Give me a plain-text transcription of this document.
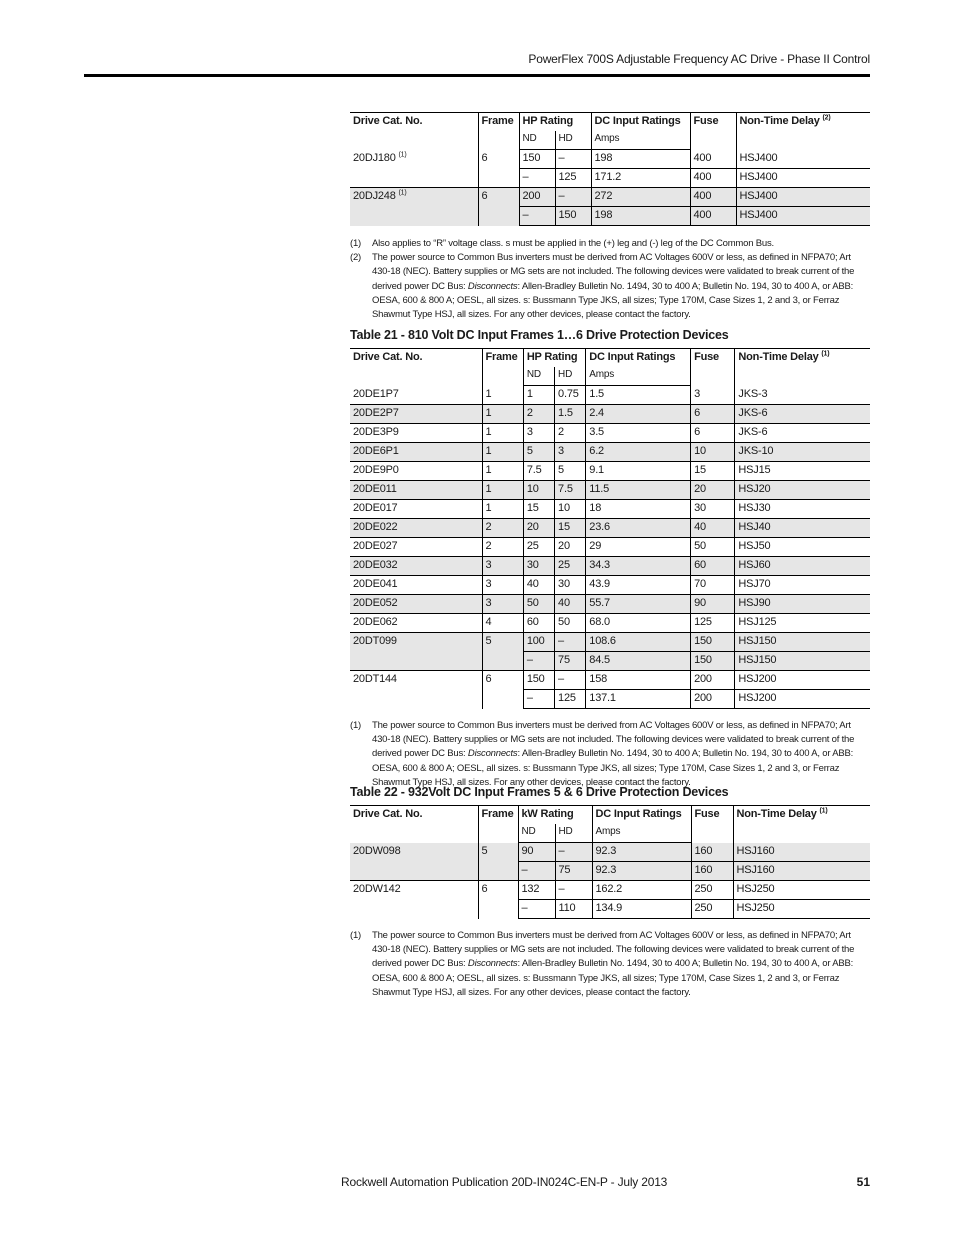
PowerFlex 700S Adjustable Frequency AC Drive - Phase II Control
Drive Cat. No.	Frame	HP Rating		DC Input Ratings	Fuse	Non-Time Delay $^{(2)}$
		ND	HD	Amps		
20DJ180 $^{(1)}$	6	150	–	198	400	HSJ400
		–	125	171.2	400	HSJ400
20DJ248 $^{(1)}$	6	200	–	272	400	HSJ400
		–	150	198	400	HSJ400
(1)	Also applies to “R” voltage class. s must be applied in the (+) leg and (-) leg of the DC Common Bus.
(2)	The power source to Common Bus inverters must be derived from AC Voltages 600V or less, as defined in NFPA70; Art 430-18 (NEC). Battery supplies or MG sets are not included. The following devices were validated to break current of the derived power DC Bus: Disconnects: Allen-Bradley Bulletin No. 1494, 30 to 400 A; Bulletin No. 194, 30 to 400 A, or ABB: OESA, 600 & 800 A; OESL, all sizes. s: Bussmann Type JKS, all sizes; Type 170M, Case Sizes 1, 2 and 3, or Ferraz Shawmut Type HSJ, all sizes. For any other devices, please contact the factory.

Table 21 - 810 Volt DC Input Frames 1…6 Drive Protection Devices

Drive Cat. No.	Frame	HP Rating		DC Input Ratings	Fuse	Non-Time Delay $^{(1)}$
		ND	HD	Amps		
20DE1P7	1	1	0.75	1.5	3	JKS-3
20DE2P7	1	2	1.5	2.4	6	JKS-6
20DE3P9	1	3	2	3.5	6	JKS-6
20DE6P1	1	5	3	6.2	10	JKS-10
20DE9P0	1	7.5	5	9.1	15	HSJ15
20DE011	1	10	7.5	11.5	20	HSJ20
20DE017	1	15	10	18	30	HSJ30
20DE022	2	20	15	23.6	40	HSJ40
20DE027	2	25	20	29	50	HSJ50
20DE032	3	30	25	34.3	60	HSJ60
20DE041	3	40	30	43.9	70	HSJ70
20DE052	3	50	40	55.7	90	HSJ90
20DE062	4	60	50	68.0	125	HSJ125
20DT099	5	100	–	108.6	150	HSJ150
		–	75	84.5	150	HSJ150
20DT144	6	150	–	158	200	HSJ200
		–	125	137.1	200	HSJ200
(1)	The power source to Common Bus inverters must be derived from AC Voltages 600V or less, as defined in NFPA70; Art 430-18 (NEC). Battery supplies or MG sets are not included. The following devices were validated to break current of the derived power DC Bus: Disconnects: Allen-Bradley Bulletin No. 1494, 30 to 400 A; Bulletin No. 194, 30 to 400 A, or ABB: OESA, 600 & 800 A; OESL, all sizes. s: Bussmann Type JKS, all sizes; Type 170M, Case Sizes 1, 2 and 3, or Ferraz Shawmut Type HSJ, all sizes. For any other devices, please contact the factory.

Table 22 - 932Volt DC Input Frames 5 & 6 Drive Protection Devices

Drive Cat. No.	Frame	kW Rating		DC Input Ratings	Fuse	Non-Time Delay $^{(1)}$
		ND	HD	Amps		
20DW098	5	90	–	92.3	160	HSJ160
		–	75	92.3	160	HSJ160
20DW142	6	132	–	162.2	250	HSJ250
		–	110	134.9	250	HSJ250
(1)	The power source to Common Bus inverters must be derived from AC Voltages 600V or less, as defined in NFPA70; Art 430-18 (NEC). Battery supplies or MG sets are not included. The following devices were validated to break current of the derived power DC Bus: Disconnects: Allen-Bradley Bulletin No. 1494, 30 to 400 A; Bulletin No. 194, 30 to 400 A, or ABB: OESA, 600 & 800 A; OESL, all sizes. s: Bussmann Type JKS, all sizes; Type 170M, Case Sizes 1, 2 and 3, or Ferraz Shawmut Type HSJ, all sizes. For any other devices, please contact the factory.
Rockwell Automation Publication 20D-IN024C-EN-P - July 2013	51
